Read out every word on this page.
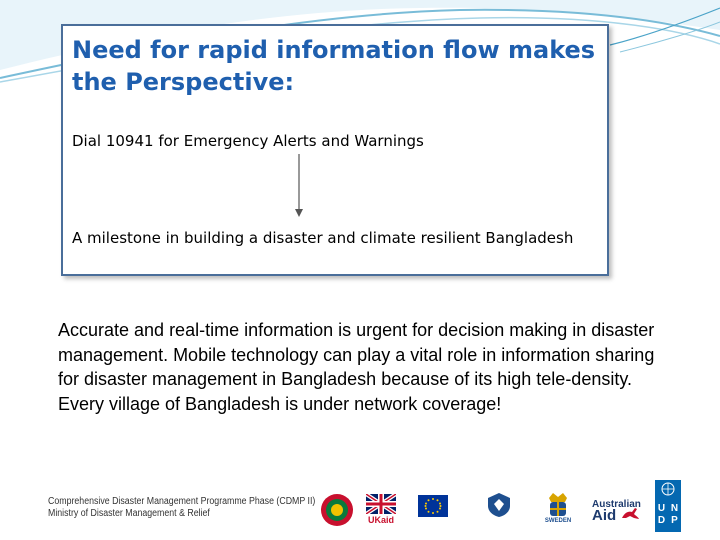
Need for rapid information flow makes the Perspective:

Dial 10941 for Emergency Alerts and Warnings

A milestone in building a disaster and climate resilient Bangladesh

Accurate and real-time information is urgent for decision making in disaster management. Mobile technology can play a vital role in information sharing for disaster management in Bangladesh because of its high tele-density. Every village of Bangladesh is under network coverage!

Comprehensive Disaster Management Programme Phase (CDMP II)
Ministry of Disaster Management & Relief
UKaid	SWEDEN
Australian
Aid	U N
D P
